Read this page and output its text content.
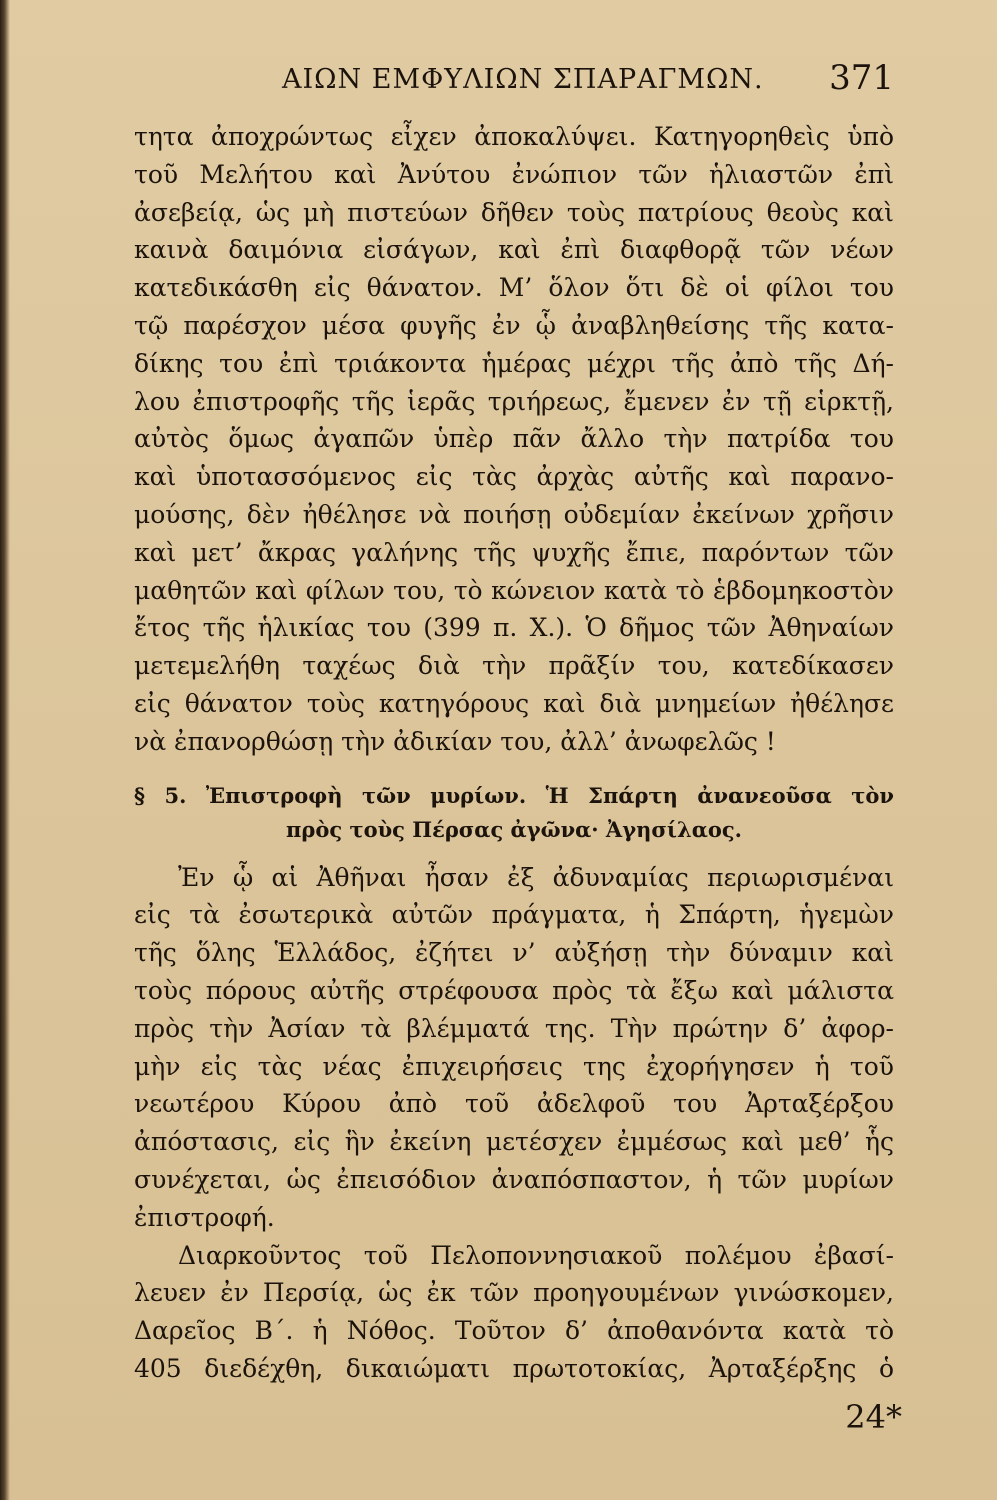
ΑΙΩΝ ΕΜΦΥΛΙΩΝ ΣΠΑΡΑΓΜΩΝ. 371
τητα ἀποχρώντως εἶχεν ἀποκαλύψει. Κατηγορηθεὶς ὑπὸ
τοῦ Μελήτου καὶ Ἀνύτου ἐνώπιον τῶν ἡλιαστῶν ἐπὶ
ἀσεβείᾳ, ὡς μὴ πιστεύων δῆθεν τοὺς πατρίους θεοὺς καὶ
καινὰ δαιμόνια εἰσάγων, καὶ ἐπὶ διαφθορᾷ τῶν νέων
κατεδικάσθη εἰς θάνατον. Μ’ ὅλον ὅτι δὲ οἱ φίλοι του
τῷ παρέσχον μέσα φυγῆς ἐν ᾧ ἀναβληθείσης τῆς κατα-
δίκης του ἐπὶ τριάκοντα ἡμέρας μέχρι τῆς ἀπὸ τῆς Δή-
λου ἐπιστροφῆς τῆς ἱερᾶς τριήρεως, ἔμενεν ἐν τῇ εἱρκτῇ,
αὐτὸς ὅμως ἀγαπῶν ὑπὲρ πᾶν ἄλλο τὴν πατρίδα του
καὶ ὑποτασσόμενος εἰς τὰς ἀρχὰς αὐτῆς καὶ παρανο-
μούσης, δὲν ἠθέλησε νὰ ποιήσῃ οὐδεμίαν ἐκείνων χρῆσιν
καὶ μετ’ ἄκρας γαλήνης τῆς ψυχῆς ἔπιε, παρόντων τῶν
μαθητῶν καὶ φίλων του, τὸ κώνειον κατὰ τὸ ἑβδομηκοστὸν
ἔτος τῆς ἡλικίας του (399 π. Χ.). Ὁ δῆμος τῶν Ἀθηναίων
μετεμελήθη ταχέως διὰ τὴν πρᾶξίν του, κατεδίκασεν
εἰς θάνατον τοὺς κατηγόρους καὶ διὰ μνημείων ἠθέλησε
νὰ ἐπανορθώσῃ τὴν ἀδικίαν του, ἀλλ’ ἀνωφελῶς !
§ 5. Ἐπιστροφὴ τῶν μυρίων. Ἡ Σπάρτη ἀνανεοῦσα τὸν
πρὸς τοὺς Πέρσας ἀγῶνα· Ἀγησίλαος.
Ἐν ᾧ αἱ Ἀθῆναι ἦσαν ἐξ ἀδυναμίας περιωρισμέναι
εἰς τὰ ἐσωτερικὰ αὐτῶν πράγματα, ἡ Σπάρτη, ἡγεμὼν
τῆς ὅλης Ἑλλάδος, ἐζήτει ν’ αὐξήσῃ τὴν δύναμιν καὶ
τοὺς πόρους αὐτῆς στρέφουσα πρὸς τὰ ἔξω καὶ μάλιστα
πρὸς τὴν Ἀσίαν τὰ βλέμματά της. Τὴν πρώτην δ’ ἀφορ-
μὴν εἰς τὰς νέας ἐπιχειρήσεις της ἐχορήγησεν ἡ τοῦ
νεωτέρου Κύρου ἀπὸ τοῦ ἀδελφοῦ του Ἀρταξέρξου
ἀπόστασις, εἰς ἣν ἐκείνη μετέσχεν ἐμμέσως καὶ μεθ’ ἧς
συνέχεται, ὡς ἐπεισόδιον ἀναπόσπαστον, ἡ τῶν μυρίων
ἐπιστροφή.
Διαρκοῦντος τοῦ Πελοποννησιακοῦ πολέμου ἐβασί-
λευεν ἐν Περσίᾳ, ὡς ἐκ τῶν προηγουμένων γινώσκομεν,
Δαρεῖος Β΄. ἡ Νόθος. Τοῦτον δ’ ἀποθανόντα κατὰ τὸ
405 διεδέχθη, δικαιώματι πρωτοτοκίας, Ἀρταξέρξης ὁ
24*
